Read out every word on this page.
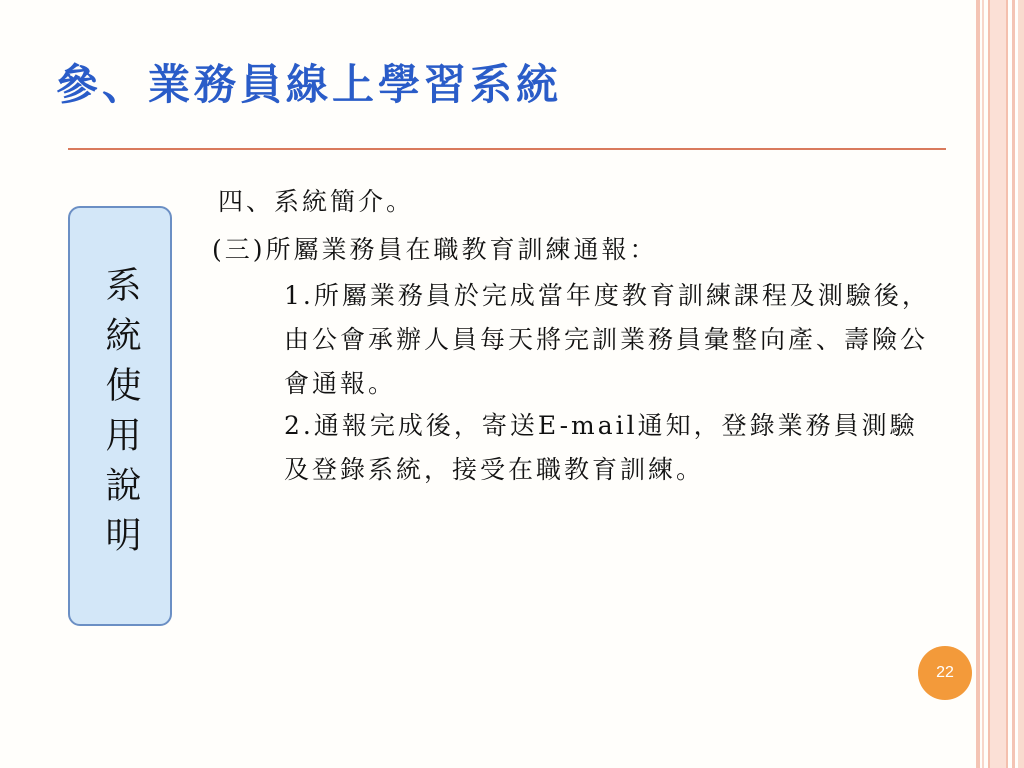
參、業務員線上學習系統
系統使用說明
四、系統簡介。
(三)所屬業務員在職教育訓練通報：

1.所屬業務員於完成當年度教育訓練課程及測驗後，由公會承辦人員每天將完訓業務員彙整向產、壽險公會通報。

2.通報完成後，寄送E-mail通知，登錄業務員測驗及登錄系統，接受在職教育訓練。

22
